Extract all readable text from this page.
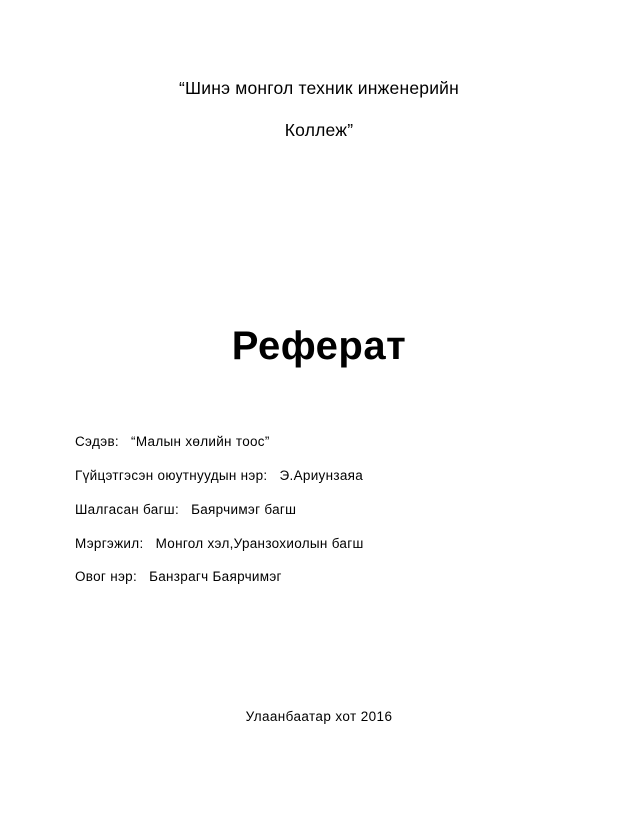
“Шинэ монгол техник инженерийн
Коллеж”
Реферат
Сэдэв: “Малын хөлийн тоос”
Гүйцэтгэсэн оюутнуудын нэр: Э.Ариунзаяа
Шалгасан багш: Баярчимэг багш
Мэргэжил: Монгол хэл,Уранзохиолын багш
Овог нэр: Банзрагч Баярчимэг
Улаанбаатар хот 2016
